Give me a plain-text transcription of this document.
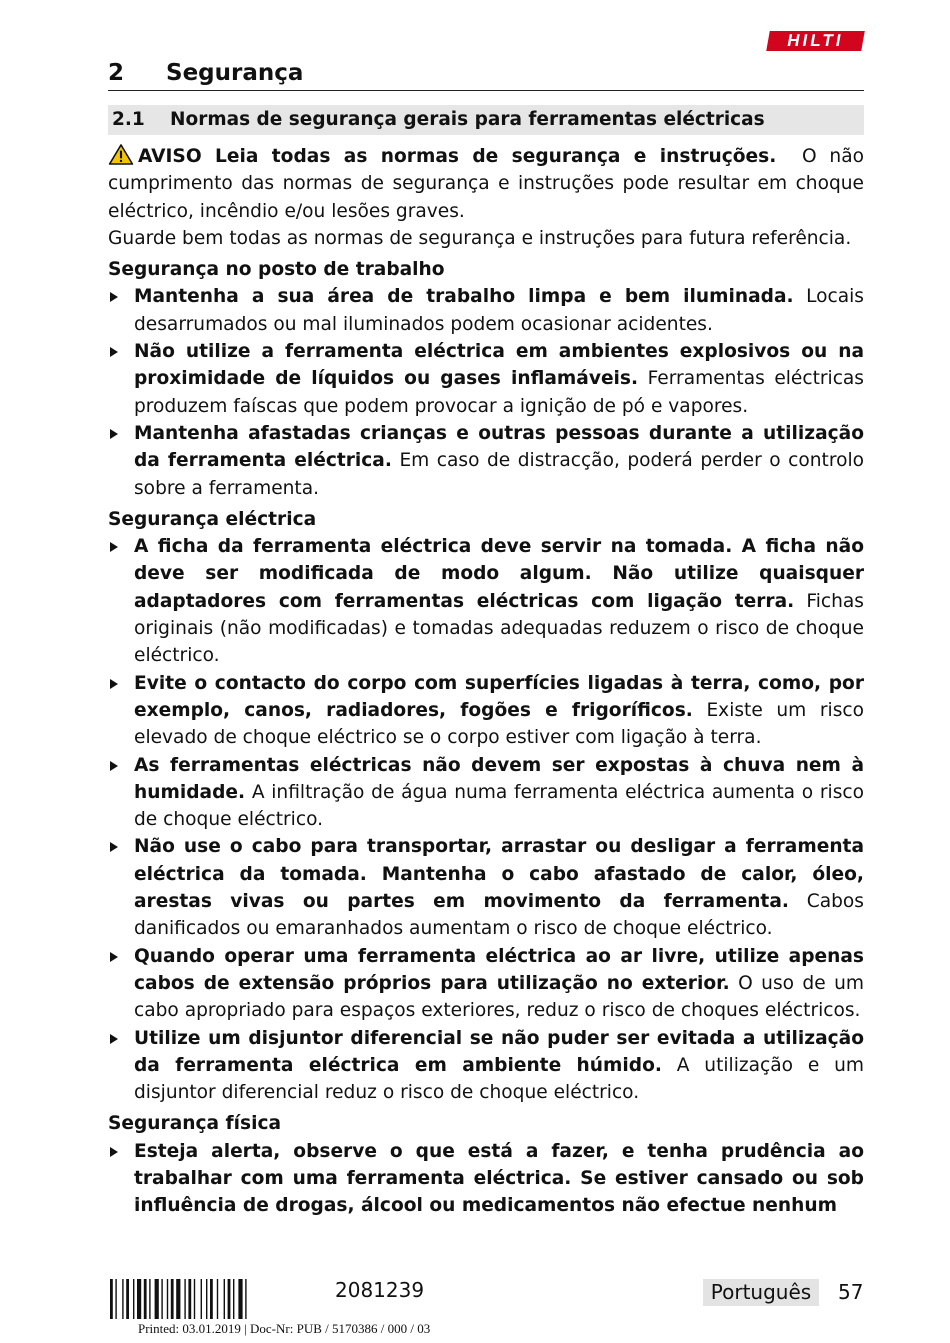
HILTI
2 Segurança
2.1 Normas de segurança gerais para ferramentas eléctricas

AVISO Leia todas as normas de segurança e instruções. O não cumprimento das normas de segurança e instruções pode resultar em choque eléctrico, incêndio e/ou lesões graves.

Guarde bem todas as normas de segurança e instruções para futura referência.

Segurança no posto de trabalho
Mantenha a sua área de trabalho limpa e bem iluminada. Locais desarrumados ou mal iluminados podem ocasionar acidentes.
Não utilize a ferramenta eléctrica em ambientes explosivos ou na proximidade de líquidos ou gases inflamáveis. Ferramentas eléctricas produzem faíscas que podem provocar a ignição de pó e vapores.
Mantenha afastadas crianças e outras pessoas durante a utilização da ferramenta eléctrica. Em caso de distracção, poderá perder o controlo sobre a ferramenta.
Segurança eléctrica
A ficha da ferramenta eléctrica deve servir na tomada. A ficha não deve ser modificada de modo algum. Não utilize quaisquer adaptadores com ferramentas eléctricas com ligação terra. Fichas originais (não modificadas) e tomadas adequadas reduzem o risco de choque eléctrico.
Evite o contacto do corpo com superfícies ligadas à terra, como, por exemplo, canos, radiadores, fogões e frigoríficos. Existe um risco elevado de choque eléctrico se o corpo estiver com ligação à terra.
As ferramentas eléctricas não devem ser expostas à chuva nem à humidade. A infiltração de água numa ferramenta eléctrica aumenta o risco de choque eléctrico.
Não use o cabo para transportar, arrastar ou desligar a ferramenta eléctrica da tomada. Mantenha o cabo afastado de calor, óleo, arestas vivas ou partes em movimento da ferramenta. Cabos danificados ou emaranhados aumentam o risco de choque eléctrico.
Quando operar uma ferramenta eléctrica ao ar livre, utilize apenas cabos de extensão próprios para utilização no exterior. O uso de um cabo apropriado para espaços exteriores, reduz o risco de choques eléctricos.
Utilize um disjuntor diferencial se não puder ser evitada a utilização da ferramenta eléctrica em ambiente húmido. A utilização e um disjuntor diferencial reduz o risco de choque eléctrico.
Segurança física
Esteja alerta, observe o que está a fazer, e tenha prudência ao trabalhar com uma ferramenta eléctrica. Se estiver cansado ou sob influência de drogas, álcool ou medicamentos não efectue nenhum
2081239	Português	57
Printed: 03.01.2019 | Doc-Nr: PUB / 5170386 / 000 / 03
